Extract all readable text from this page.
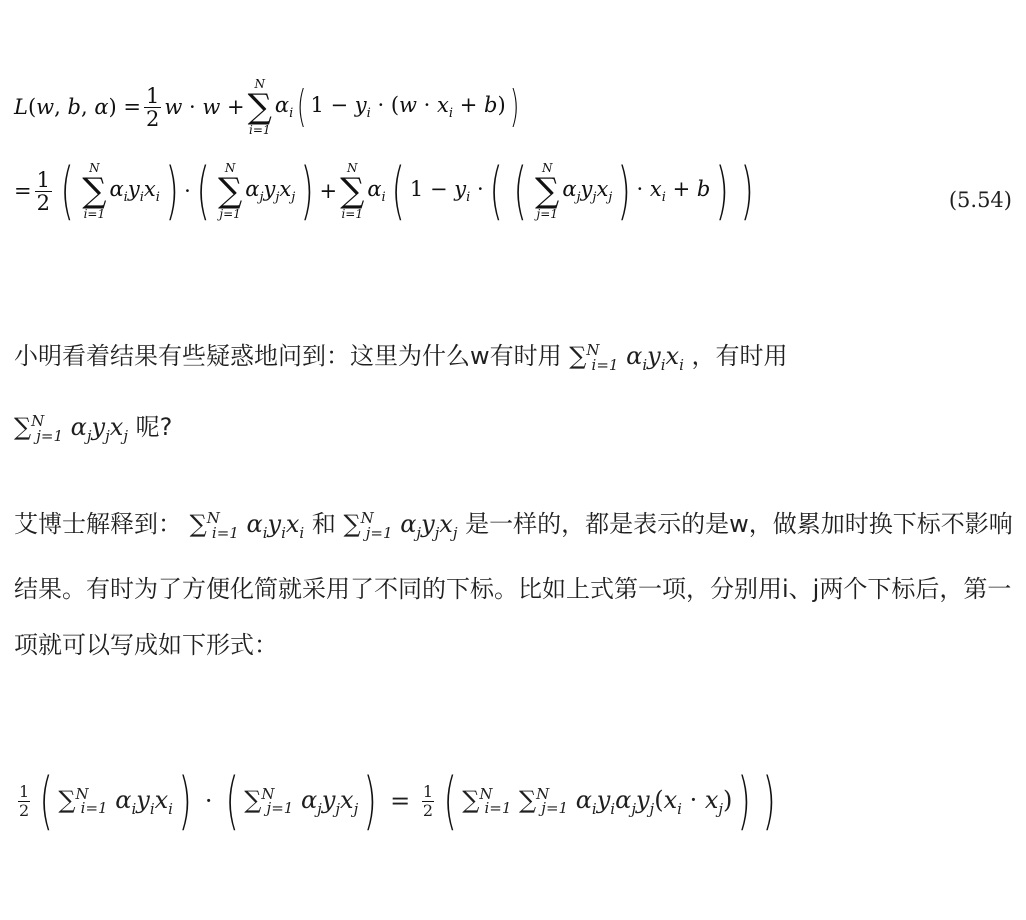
L(w, b, $\alpha) = \frac{1}{2}$ w · w +
N
∑
i=1
$\alpha_i$ ( $1 - y_i \cdot (w \cdot x_i + b)$ )
= $\frac{1}{2}$ ( N
∑
i=1
$\alpha_iy_ix_i$ ) · ( N
∑
j=1
$\alpha_jy_jx_j$ ) +
N
∑
i=1
$\alpha_i$ ( $1 - y_i$ · ( ( N
∑
j=1
$\alpha_jy_jx_j$ ) · $x_i + b$ ) )	(5.54)
小明看着结果有些疑惑地问到：这里为什么w有时用 ∑$^N_{i=1}$ $\alpha_iy_ix_i$ ，有时用
∑$^N_{j=1}$ $\alpha_jy_jx_j$ 呢?
艾博士解释到： ∑$^N_{i=1}$ $\alpha_iy_ix_i$ 和 ∑$^N_{j=1}$ $\alpha_jy_jx_j$ 是一样的，都是表示的是w，做累加时换下标不影响结果。有时为了方便化简就采用了不同的下标。比如上式第一项，分别用i、j两个下标后，第一项就可以写成如下形式：
$\frac{1}{2}$ ( ∑$^N_{i=1}$ $\alpha_iy_ix_i$ ) · ( ∑$^N_{j=1}$ $\alpha_jy_jx_j$ ) = $\frac{1}{2}$ ( ∑$^N_{i=1}$ ∑$^N_{j=1}$ $\alpha_iy_i\alpha_jy_j(x_i \cdot x_j)$ ) )
